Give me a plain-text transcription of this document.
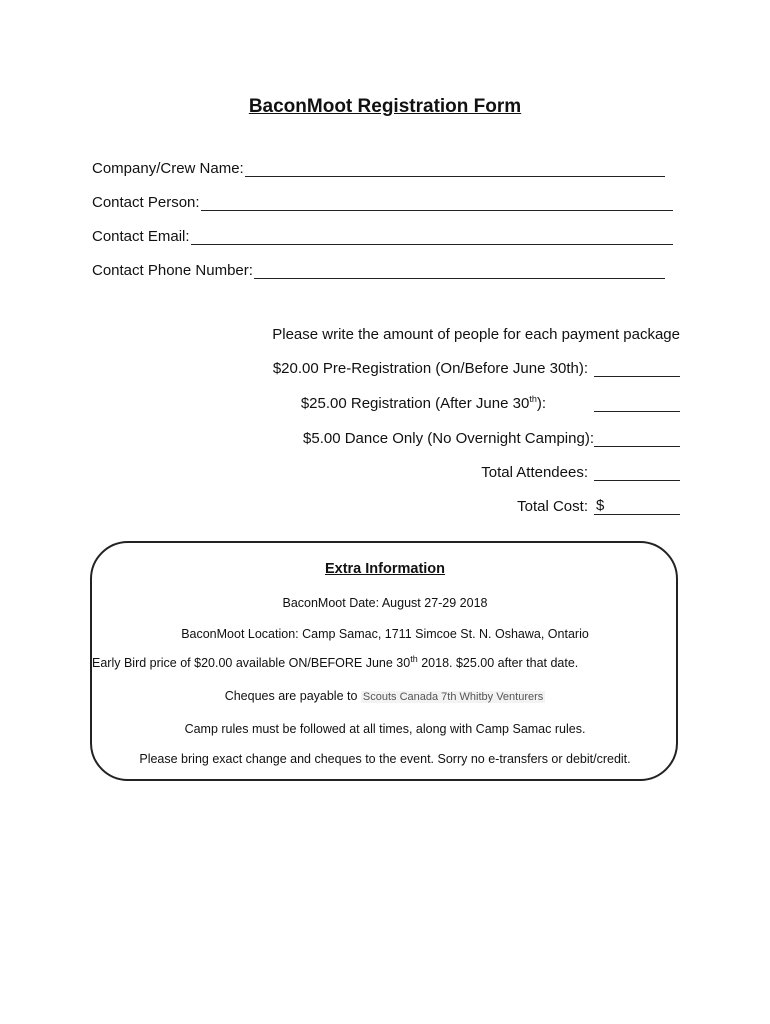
BaconMoot Registration Form
Company/Crew Name:
Contact Person:
Contact Email:
Contact Phone Number:
Please write the amount of people for each payment package
$20.00 Pre-Registration (On/Before June 30th):
$25.00 Registration (After June 30th):
$5.00 Dance Only (No Overnight Camping):
Total Attendees:
Total Cost: $
Extra Information
BaconMoot Date: August 27-29 2018
BaconMoot Location: Camp Samac, 1711 Simcoe St. N. Oshawa, Ontario
Early Bird price of $20.00 available ON/BEFORE June 30th 2018. $25.00 after that date.
Cheques are payable to Scouts Canada 7th Whitby Venturers
Camp rules must be followed at all times, along with Camp Samac rules.
Please bring exact change and cheques to the event. Sorry no e-transfers or debit/credit.
